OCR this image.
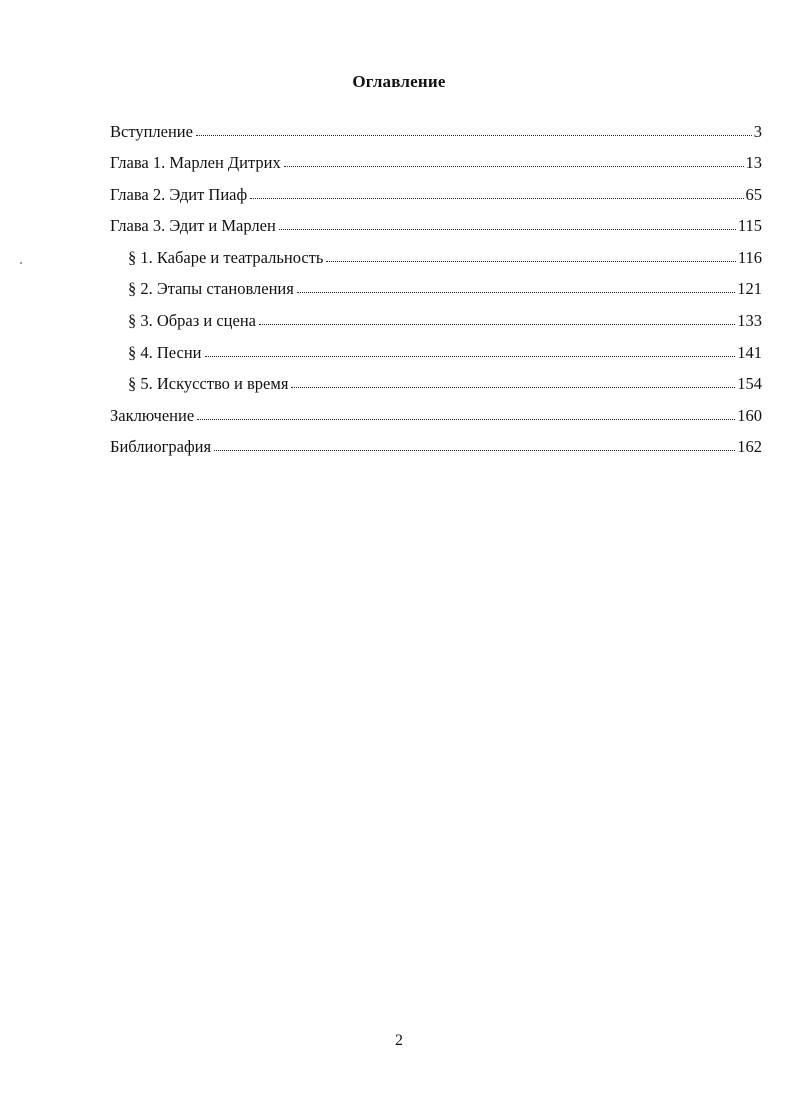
Оглавление
Вступление	3
Глава 1. Марлен Дитрих	13
Глава 2. Эдит Пиаф	65
Глава 3. Эдит и Марлен	115
§ 1. Кабаре и театральность	116
§ 2. Этапы становления	121
§ 3. Образ и сцена	133
§ 4. Песни	141
§ 5. Искусство и время	154
Заключение	160
Библиография	162
2
